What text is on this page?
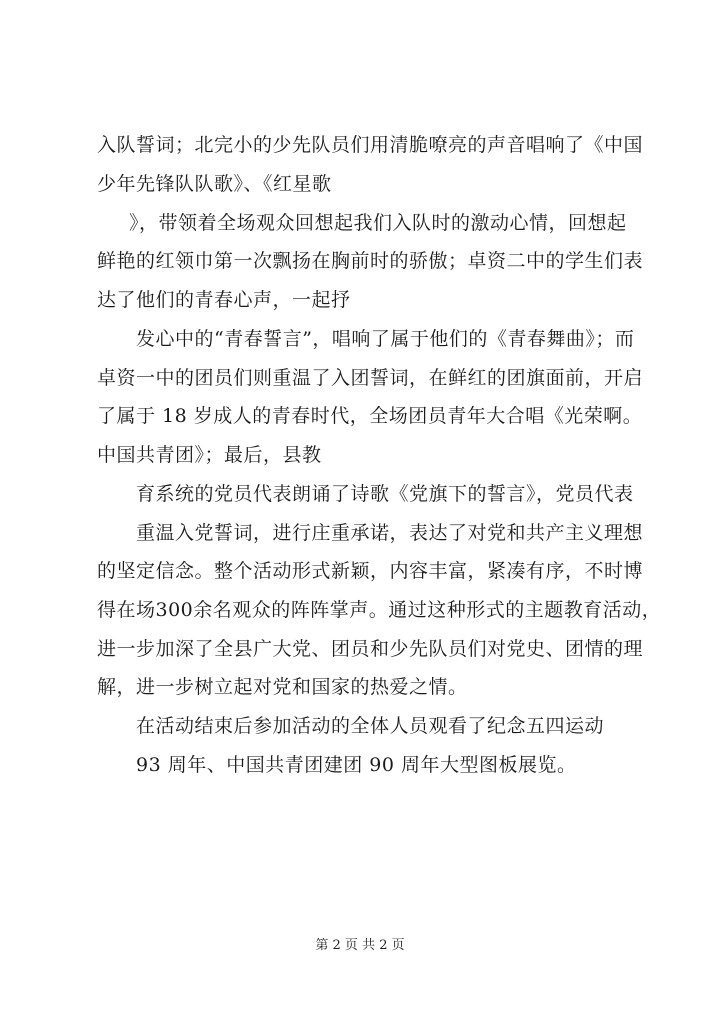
入队誓词；北完小的少先队员们用清脆嘹亮的声音唱响了《中国
少年先锋队队歌》、《红星歌
》，带领着全场观众回想起我们入队时的激动心情，回想起
鲜艳的红领巾第一次飘扬在胸前时的骄傲；卓资二中的学生们表
达了他们的青春心声，一起抒
发心中的“青春誓言”，唱响了属于他们的《青春舞曲》；而
卓资一中的团员们则重温了入团誓词，在鲜红的团旗面前，开启
了属于 18 岁成人的青春时代，全场团员青年大合唱《光荣啊。
中国共青团》；最后，县教
育系统的党员代表朗诵了诗歌《党旗下的誓言》，党员代表
重温入党誓词，进行庄重承诺，表达了对党和共产主义理想
的坚定信念。整个活动形式新颖，内容丰富，紧凑有序，不时博
得在场300余名观众的阵阵掌声。通过这种形式的主题教育活动，
进一步加深了全县广大党、团员和少先队员们对党史、团情的理
解，进一步树立起对党和国家的热爱之情。
在活动结束后参加活动的全体人员观看了纪念五四运动
93 周年、中国共青团建团 90 周年大型图板展览。
第 2 页 共 2 页
